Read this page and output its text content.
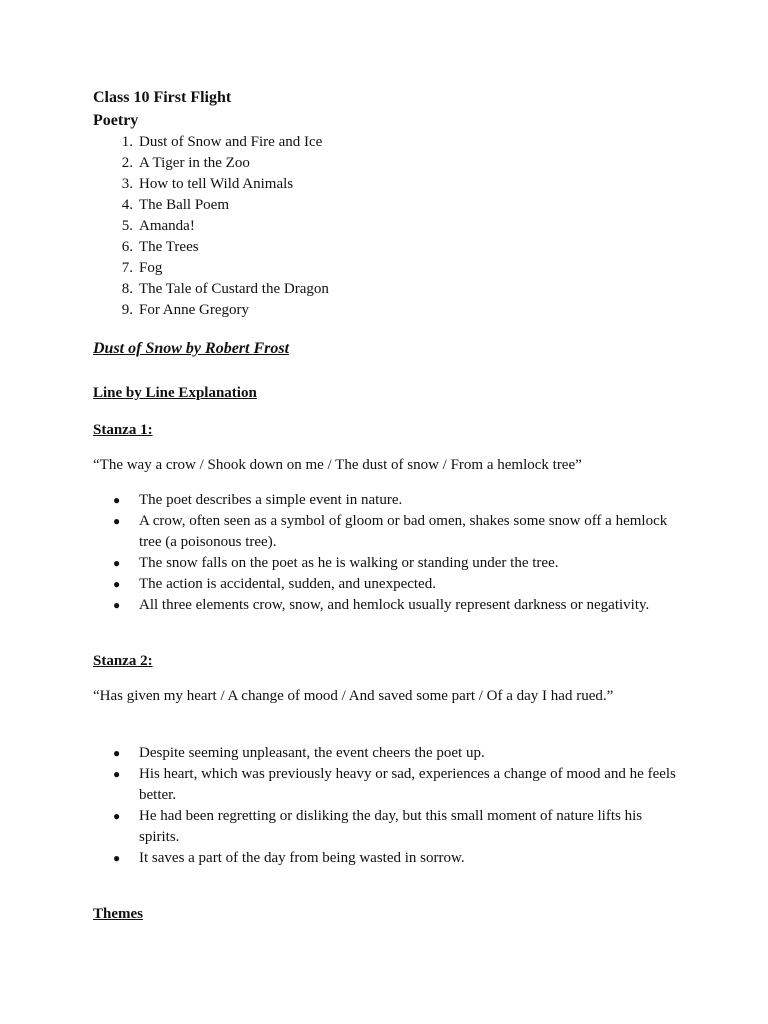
Class 10 First Flight

Poetry

1. Dust of Snow and Fire and Ice
2. A Tiger in the Zoo
3. How to tell Wild Animals
4. The Ball Poem
5. Amanda!
6. The Trees
7. Fog
8. The Tale of Custard the Dragon
9. For Anne Gregory

Dust of Snow by Robert Frost

Line by Line Explanation

Stanza 1:

“The way a crow / Shook down on me / The dust of snow / From a hemlock tree”

● The poet describes a simple event in nature.
● A crow, often seen as a symbol of gloom or bad omen, shakes some snow off a hemlock tree (a poisonous tree).
● The snow falls on the poet as he is walking or standing under the tree.
● The action is accidental, sudden, and unexpected.
● All three elements crow, snow, and hemlock usually represent darkness or negativity.

Stanza 2:

“Has given my heart / A change of mood / And saved some part / Of a day I had rued.”

● Despite seeming unpleasant, the event cheers the poet up.
● His heart, which was previously heavy or sad, experiences a change of mood and he feels better.
● He had been regretting or disliking the day, but this small moment of nature lifts his spirits.
● It saves a part of the day from being wasted in sorrow.

Themes
